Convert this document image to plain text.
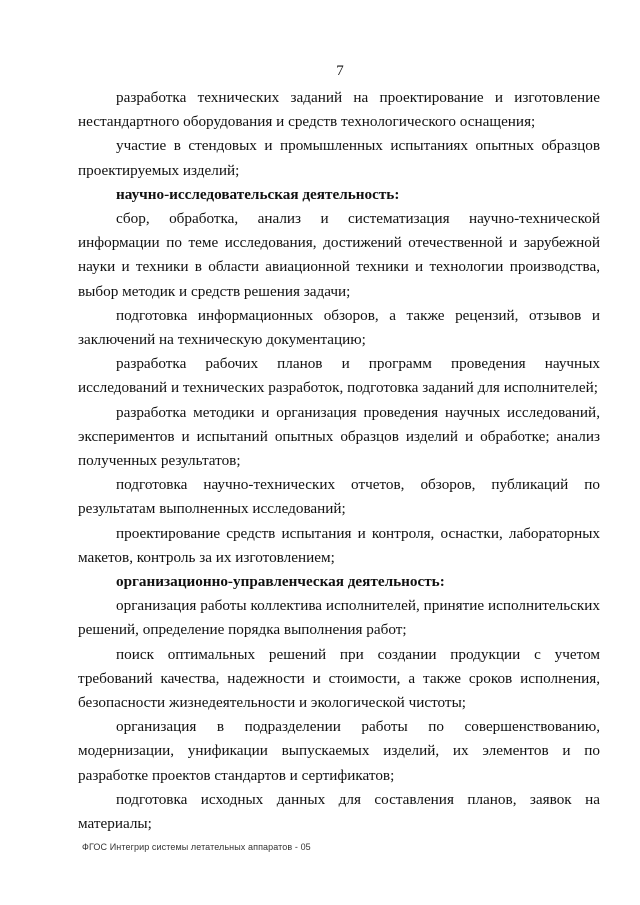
7

разработка технических заданий на проектирование и изготовление нестандартного оборудования и средств технологического оснащения;

участие в стендовых и промышленных испытаниях опытных образцов проектируемых изделий;

научно-исследовательская деятельность:

сбор, обработка, анализ и систематизация научно-технической информации по теме исследования, достижений отечественной и зарубежной науки и техники в области авиационной техники и технологии производства, выбор методик и средств решения задачи;

подготовка информационных обзоров, а также рецензий, отзывов и заключений на техническую документацию;

разработка рабочих планов и программ проведения научных исследований и технических разработок, подготовка заданий для исполнителей;

разработка методики и организация проведения научных исследований, экспериментов и испытаний опытных образцов изделий и обработке; анализ полученных результатов;

подготовка научно-технических отчетов, обзоров, публикаций по результатам выполненных исследований;

проектирование средств испытания и контроля, оснастки, лабораторных макетов, контроль за их изготовлением;

организационно-управленческая деятельность:

организация работы коллектива исполнителей, принятие исполнительских решений, определение порядка выполнения работ;

поиск оптимальных решений при создании продукции с учетом требований качества, надежности и стоимости, а также сроков исполнения, безопасности жизнедеятельности и экологической чистоты;

организация в подразделении работы по совершенствованию, модернизации, унификации выпускаемых изделий, их элементов и по разработке проектов стандартов и сертификатов;

подготовка исходных данных для составления планов, заявок на материалы;

ФГОС Интегрир системы летательных аппаратов - 05
